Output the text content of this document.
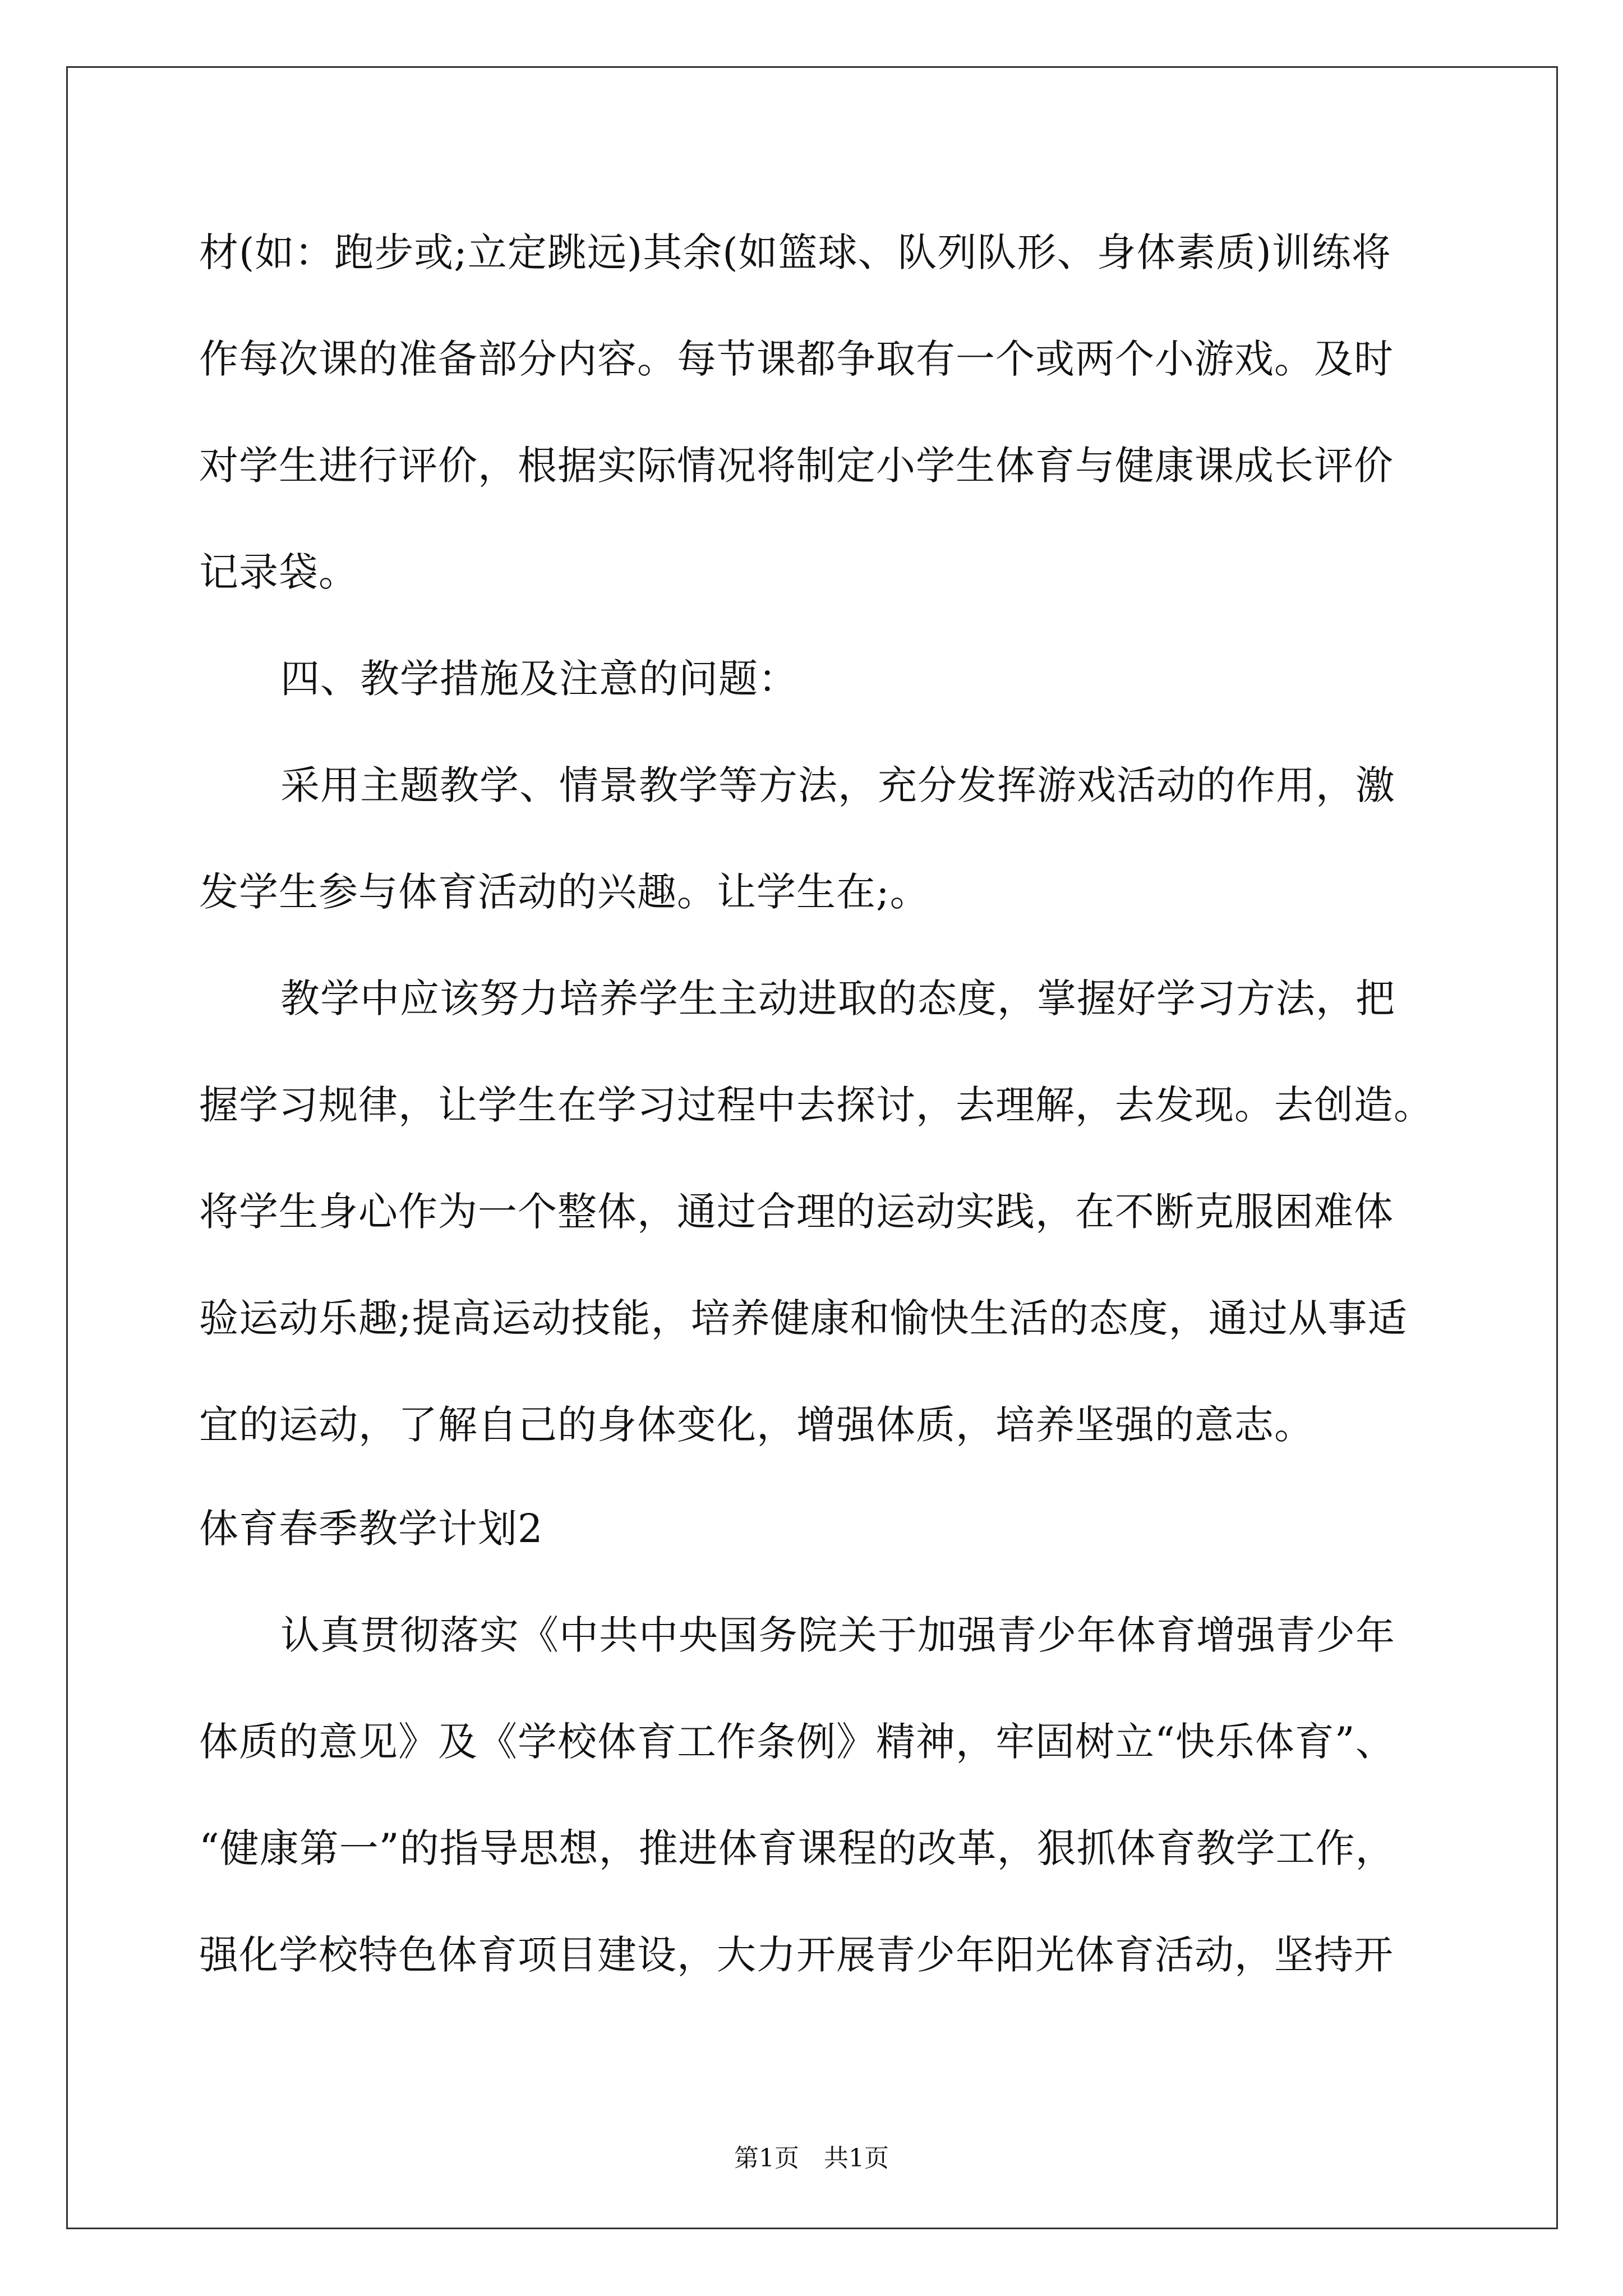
材(如：跑步或;立定跳远)其余(如篮球、队列队形、身体素质)训练将
作每次课的准备部分内容。每节课都争取有一个或两个小游戏。及时
对学生进行评价，根据实际情况将制定小学生体育与健康课成长评价
记录袋。
四、教学措施及注意的问题：
采用主题教学、情景教学等方法，充分发挥游戏活动的作用，激
发学生参与体育活动的兴趣。让学生在;。
教学中应该努力培养学生主动进取的态度，掌握好学习方法，把
握学习规律，让学生在学习过程中去探讨，去理解，去发现。去创造。
将学生身心作为一个整体，通过合理的运动实践，在不断克服困难体
验运动乐趣;提高运动技能，培养健康和愉快生活的态度，通过从事适
宜的运动，了解自己的身体变化，增强体质，培养坚强的意志。
体育春季教学计划2
认真贯彻落实《中共中央国务院关于加强青少年体育增强青少年
体质的意见》及《学校体育工作条例》精神，牢固树立“快乐体育”、
“健康第一”的指导思想，推进体育课程的改革，狠抓体育教学工作，
强化学校特色体育项目建设，大力开展青少年阳光体育活动，坚持开
第1页　共1页
